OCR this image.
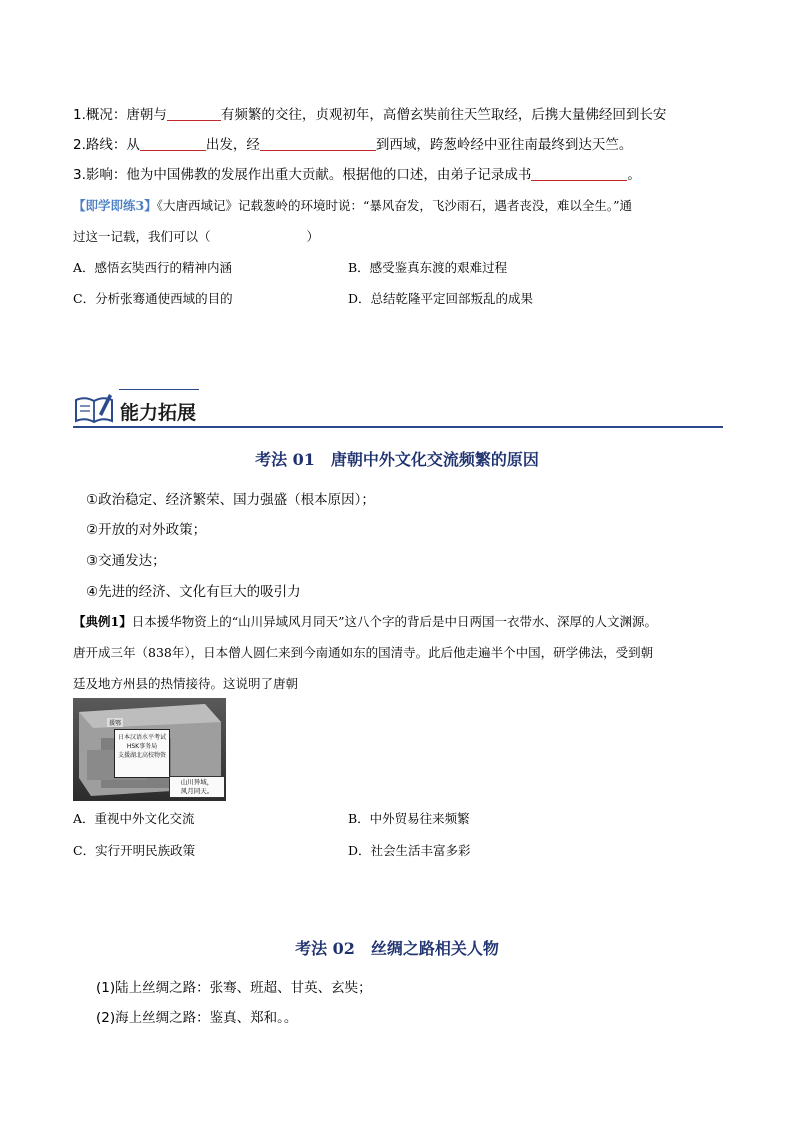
1.概况：唐朝与	有频繁的交往，贞观初年，高僧玄奘前往天竺取经，后携大量佛经回到长安
2.路线：从	出发，经	到西域，跨葱岭经中亚往南最终到达天竺。
3.影响：他为中国佛教的发展作出重大贡献。根据他的口述，由弟子记录成书	。
【即学即练3】《大唐西域记》记载葱岭的环境时说：“暴风奋发，飞沙雨石，遇者丧没，难以全生。”通
过这一记载，我们可以（	）
A．感悟玄奘西行的精神内涵	B．感受鉴真东渡的艰难过程
C．分析张骞通使西域的目的	D．总结乾隆平定回部叛乱的成果
能力拓展
考法 01 唐朝中外文化交流频繁的原因
①政治稳定、经济繁荣、国力强盛（根本原因）；
②开放的对外政策；
③交通发达；
④先进的经济、文化有巨大的吸引力
【典例1】日本援华物资上的“山川异域风月同天”这八个字的背后是中日两国一衣带水、深厚的人文渊源。
唐开成三年（838年），日本僧人圆仁来到今南通如东的国清寺。此后他走遍半个中国，研学佛法，受到朝
廷及地方州县的热情接待。这说明了唐朝
援鄂
日本汉语水平考试
HSK事务局
支援湖北高校物资
山川异域，
风月同天。
A．重视中外文化交流	B．中外贸易往来频繁
C．实行开明民族政策	D．社会生活丰富多彩
考法 02 丝绸之路相关人物
(1)陆上丝绸之路：张骞、班超、甘英、玄奘；
(2)海上丝绸之路：鉴真、郑和。。
